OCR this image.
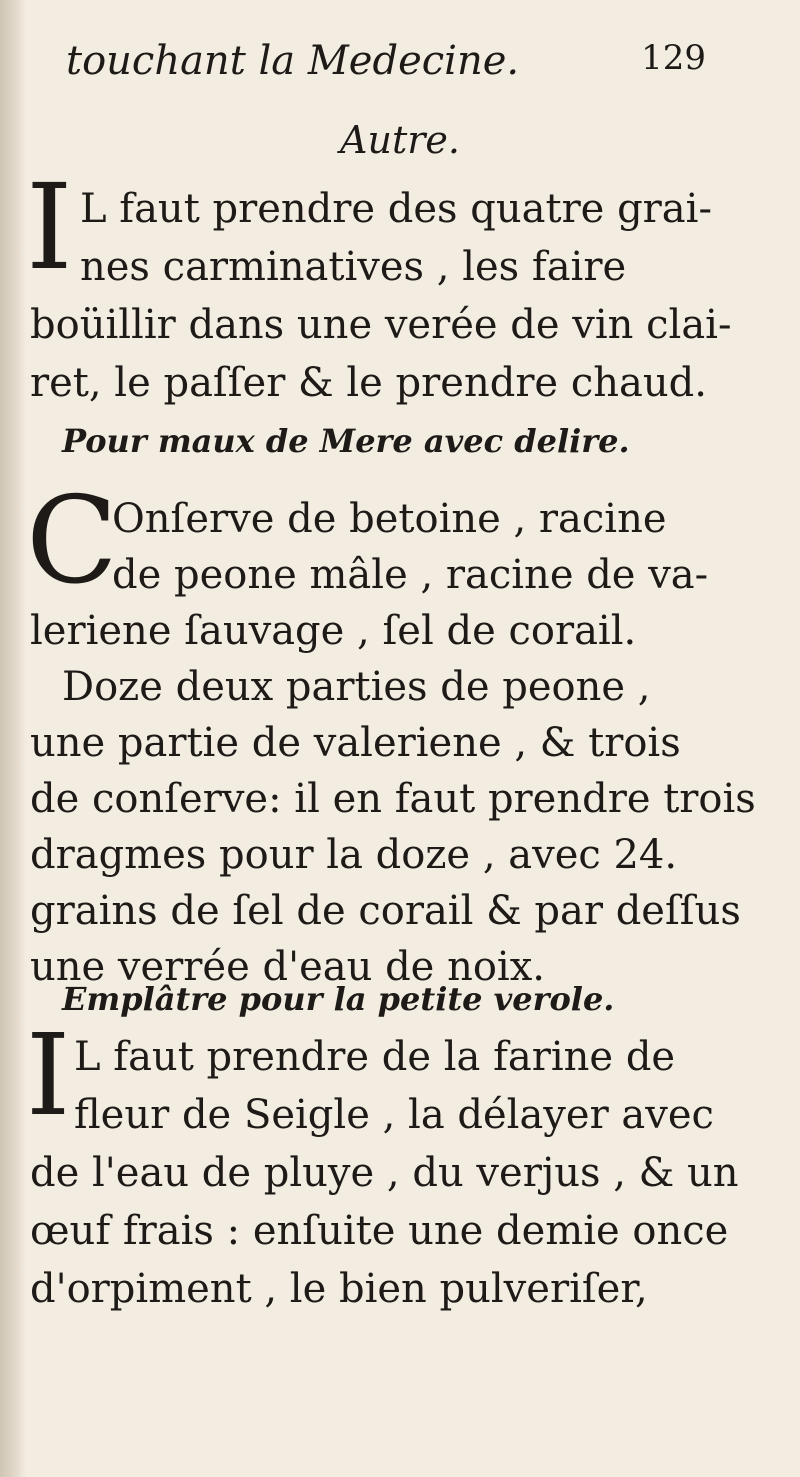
touchant la Medecine.	129
Autre.
I L faut prendre des quatre grai-
nes carminatives , les faire
boüillir dans une verée de vin clai-
ret, le paſſer & le prendre chaud.
Pour maux de Mere avec delire.
C
Onſerve de betoine , racine
de peone mâle , racine de va-
leriene ſauvage , ſel de corail.
Doze deux parties de peone ,
une partie de valeriene , & trois
de conſerve: il en faut prendre trois
dragmes pour la doze , avec 24.
grains de ſel de corail & par deſſus
une verrée d'eau de noix.
Emplâtre pour la petite verole.
I L faut prendre de la farine de
fleur de Seigle , la délayer avec
de l'eau de pluye , du verjus , & un
œuf frais : enſuite une demie once
d'orpiment , le bien pulveriſer,
